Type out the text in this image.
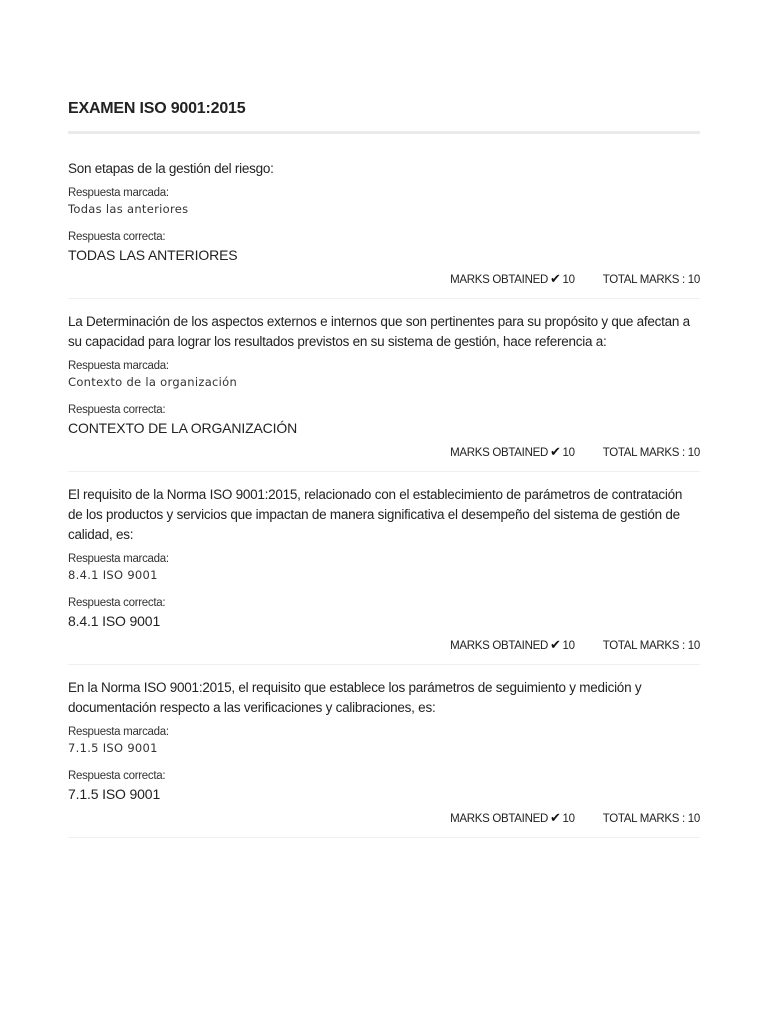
EXAMEN ISO 9001:2015

Son etapas de la gestión del riesgo:

Respuesta marcada:

Todas las anteriores

Respuesta correcta:

TODAS LAS ANTERIORES

MARKS OBTAINED ✔ 10 TOTAL MARKS : 10

La Determinación de los aspectos externos e internos que son pertinentes para su propósito y que afectan a su capacidad para lograr los resultados previstos en su sistema de gestión, hace referencia a:

Respuesta marcada:

Contexto de la organización

Respuesta correcta:

CONTEXTO DE LA ORGANIZACIÓN

MARKS OBTAINED ✔ 10 TOTAL MARKS : 10

El requisito de la Norma ISO 9001:2015, relacionado con el establecimiento de parámetros de contratación de los productos y servicios que impactan de manera significativa el desempeño del sistema de gestión de calidad, es:

Respuesta marcada:

8.4.1 ISO 9001

Respuesta correcta:

8.4.1 ISO 9001

MARKS OBTAINED ✔ 10 TOTAL MARKS : 10

En la Norma ISO 9001:2015, el requisito que establece los parámetros de seguimiento y medición y documentación respecto a las verificaciones y calibraciones, es:

Respuesta marcada:

7.1.5 ISO 9001

Respuesta correcta:

7.1.5 ISO 9001

MARKS OBTAINED ✔ 10 TOTAL MARKS : 10
